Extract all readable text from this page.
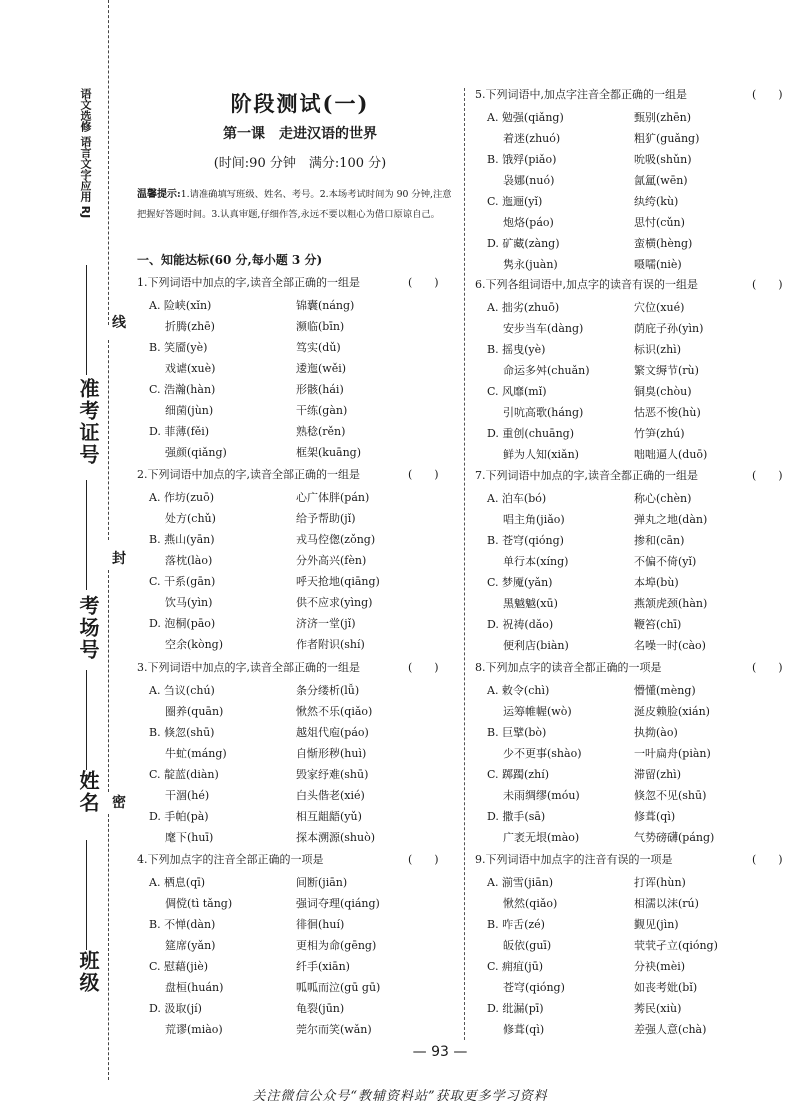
线
封
密
语文选修 语言文字应用 RJ
准考证号
考场号
姓名
班级
阶段测试(一)
第一课　走进汉语的世界
(时间:90 分钟　满分:100 分)
温馨提示:1.请准确填写班级、姓名、考号。2.本场考试时间为 90 分钟,注意把握好答题时间。3.认真审题,仔细作答,永远不要以粗心为借口原谅自己。
一、知能达标(60 分,每小题 3 分)
1.下列词语中加点的字,读音全部正确的一组是	(　　)
A. 险峡(xǐn)	锦囊(náng)
折腾(zhē)	濒临(bīn)
B. 笑靥(yè)	笃实(dǔ)
戏谑(xuè)	逶迤(wěi)
C. 浩瀚(hàn)	形骸(hái)
细菌(jùn)	干练(gàn)
D. 菲薄(fěi)	熟稔(rěn)
强颜(qiǎng)	框架(kuāng)
2.下列词语中加点的字,读音全部正确的一组是	(　　)
A. 作坊(zuō)	心广体胖(pán)
处方(chǔ)	给予帮助(jǐ)
B. 燕山(yān)	戎马倥偬(zǒng)
落枕(lào)	分外高兴(fèn)
C. 干系(gān)	呼天抢地(qiāng)
饮马(yìn)	供不应求(yìng)
D. 泡桐(pāo)	济济一堂(jǐ)
空余(kòng)	作者附识(shí)
3.下列词语中加点的字,读音全部正确的一组是	(　　)
A. 刍议(chú)	条分缕析(lǚ)
圈养(quān)	愀然不乐(qiǎo)
B. 倏忽(shū)	越俎代庖(páo)
牛虻(máng)	自惭形秽(huì)
C. 靛蓝(diàn)	毁家纾难(shū)
干涸(hé)	白头偕老(xié)
D. 手帕(pà)	相互龃龉(yǔ)
麾下(huī)	探本溯源(shuò)
4.下列加点字的注音全部正确的一项是	(　　)
A. 栖息(qī)	间断(jiān)
倜傥(tì tǎng)	强词夺理(qiáng)
B. 不惮(dàn)	徘徊(huí)
筵席(yǎn)	更相为命(gēng)
C. 慰藉(jiè)	纤手(xiān)
盘桓(huán)	呱呱而泣(gū gū)
D. 汲取(jí)	龟裂(jūn)
荒谬(miào)	莞尔而笑(wǎn)
5.下列词语中,加点字注音全都正确的一组是	(　　)
A. 勉强(qiǎng)	甄别(zhēn)
着迷(zhuó)	粗犷(guǎng)
B. 饿殍(piǎo)	吮吸(shǔn)
袅娜(nuó)	氤氲(wēn)
C. 迤逦(yǐ)	纨绔(kù)
炮烙(páo)	思忖(cǔn)
D. 矿藏(zàng)	蛮横(hèng)
隽永(juàn)	嗫嚅(niè)
6.下列各组词语中,加点字的读音有误的一组是	(　　)
A. 拙劣(zhuō)	穴位(xué)
安步当车(dàng)	荫庇子孙(yìn)
B. 摇曳(yè)	标识(zhì)
命运多舛(chuǎn)	繁文缛节(rù)
C. 风靡(mǐ)	铜臭(chòu)
引吭高歌(háng)	怙恶不悛(hù)
D. 重创(chuāng)	竹笋(zhú)
鲜为人知(xiǎn)	咄咄逼人(duō)
7.下列词语中加点的字,读音全都正确的一组是	(　　)
A. 泊车(bó)	称心(chèn)
唱主角(jiǎo)	弹丸之地(dàn)
B. 苍穹(qióng)	掺和(cān)
单行本(xíng)	不偏不倚(yǐ)
C. 梦魇(yǎn)	本埠(bù)
黑魆魆(xū)	燕颔虎颈(hàn)
D. 祝祷(dǎo)	鞭笞(chī)
便利店(biàn)	名噪一时(cào)
8.下列加点字的读音全都正确的一项是	(　　)
A. 敕令(chì)	懵懂(mèng)
运筹帷幄(wò)	涎皮赖脸(xián)
B. 巨擘(bò)	执拗(ào)
少不更事(shào)	一叶扁舟(piàn)
C. 踯躅(zhí)	滞留(zhì)
未雨绸缪(móu)	倏忽不见(shū)
D. 撒手(sā)	修葺(qì)
广袤无垠(mào)	气势磅礴(páng)
9.下列词语中加点字的注音有误的一项是	(　　)
A. 湔雪(jiān)	打诨(hùn)
愀然(qiǎo)	相濡以沫(rú)
B. 咋舌(zé)	觐见(jìn)
皈依(guī)	茕茕孑立(qióng)
C. 痈疽(jū)	分袂(mèi)
苍穹(qióng)	如丧考妣(bǐ)
D. 纰漏(pī)	莠民(xiù)
修葺(qì)	差强人意(chà)
— 93 —
关注微信公众号“教辅资料站”获取更多学习资料
